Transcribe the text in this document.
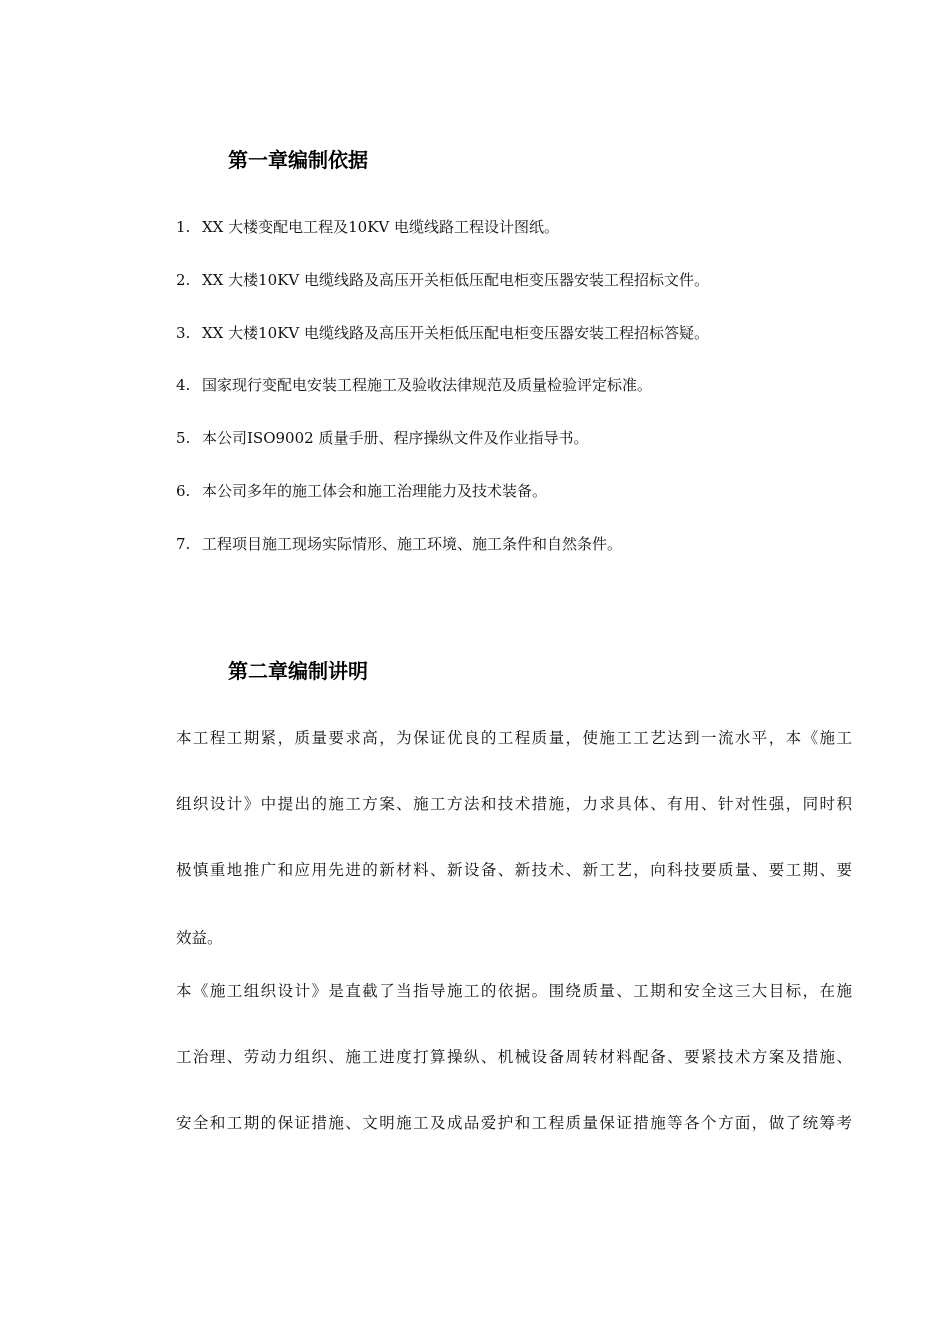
第一章编制依据
1. XX 大楼变配电工程及10KV 电缆线路工程设计图纸。
2. XX 大楼10KV 电缆线路及高压开关柜低压配电柜变压器安装工程招标文件。
3. XX 大楼10KV 电缆线路及高压开关柜低压配电柜变压器安装工程招标答疑。
4. 国家现行变配电安装工程施工及验收法律规范及质量检验评定标准。
5. 本公司ISO9002 质量手册、程序操纵文件及作业指导书。
6. 本公司多年的施工体会和施工治理能力及技术装备。
7. 工程项目施工现场实际情形、施工环境、施工条件和自然条件。
第二章编制讲明
本工程工期紧，质量要求高，为保证优良的工程质量，使施工工艺达到一流水平，本《施工
组织设计》中提出的施工方案、施工方法和技术措施，力求具体、有用、针对性强，同时积
极慎重地推广和应用先进的新材料、新设备、新技术、新工艺，向科技要质量、要工期、要
效益。
本《施工组织设计》是直截了当指导施工的依据。围绕质量、工期和安全这三大目标，在施
工治理、劳动力组织、施工进度打算操纵、机械设备周转材料配备、要紧技术方案及措施、
安全和工期的保证措施、文明施工及成品爱护和工程质量保证措施等各个方面，做了统筹考
